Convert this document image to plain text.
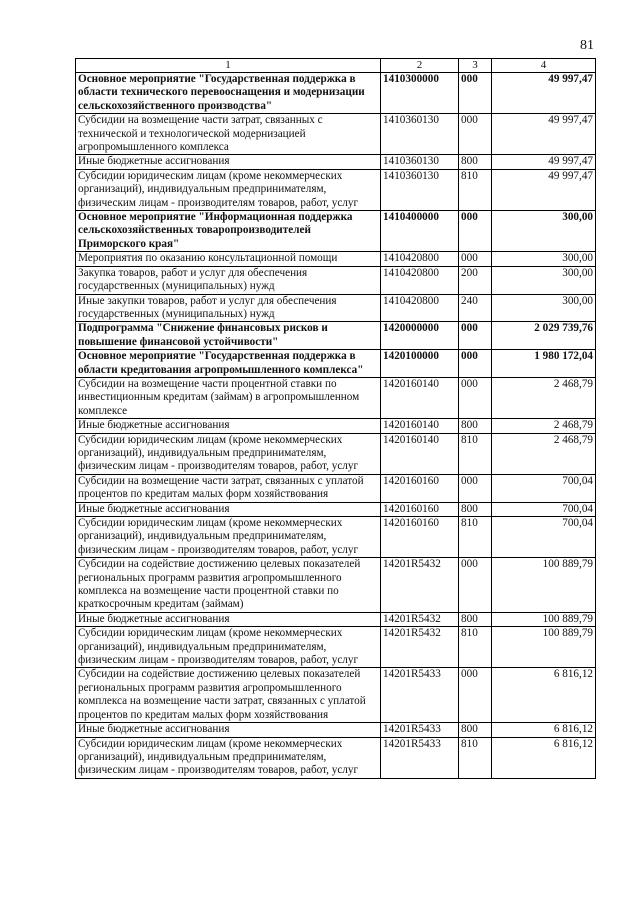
81
1	2	3	4
Основное мероприятие "Государственная поддержка в области технического перевооснащения и модернизации сельскохозяйственного производства"	1410300000	000	49 997,47
Субсидии на возмещение части затрат, связанных с технической и технологической модернизацией агропромышленного комплекса	1410360130	000	49 997,47
Иные бюджетные ассигнования	1410360130	800	49 997,47
Субсидии юридическим лицам (кроме некоммерческих организаций), индивидуальным предпринимателям, физическим лицам - производителям товаров, работ, услуг	1410360130	810	49 997,47
Основное мероприятие "Информационная поддержка сельскохозяйственных товаропроизводителей Приморского края"	1410400000	000	300,00
Мероприятия по оказанию консультационной помощи	1410420800	000	300,00
Закупка товаров, работ и услуг для обеспечения государственных (муниципальных) нужд	1410420800	200	300,00
Иные закупки товаров, работ и услуг для обеспечения государственных (муниципальных) нужд	1410420800	240	300,00
Подпрограмма "Снижение финансовых рисков и повышение финансовой устойчивости"	1420000000	000	2 029 739,76
Основное мероприятие "Государственная поддержка в области кредитования агропромышленного комплекса"	1420100000	000	1 980 172,04
Субсидии на возмещение части процентной ставки по инвестиционным кредитам (займам) в агропромышленном комплексе	1420160140	000	2 468,79
Иные бюджетные ассигнования	1420160140	800	2 468,79
Субсидии юридическим лицам (кроме некоммерческих организаций), индивидуальным предпринимателям, физическим лицам - производителям товаров, работ, услуг	1420160140	810	2 468,79
Субсидии на возмещение части затрат, связанных с уплатой процентов по кредитам малых форм хозяйствования	1420160160	000	700,04
Иные бюджетные ассигнования	1420160160	800	700,04
Субсидии юридическим лицам (кроме некоммерческих организаций), индивидуальным предпринимателям, физическим лицам - производителям товаров, работ, услуг	1420160160	810	700,04
Субсидии на содействие достижению целевых показателей региональных программ развития агропромышленного комплекса на возмещение части процентной ставки по краткосрочным кредитам (займам)	14201R5432	000	100 889,79
Иные бюджетные ассигнования	14201R5432	800	100 889,79
Субсидии юридическим лицам (кроме некоммерческих организаций), индивидуальным предпринимателям, физическим лицам - производителям товаров, работ, услуг	14201R5432	810	100 889,79
Субсидии на содействие достижению целевых показателей региональных программ развития агропромышленного комплекса на возмещение части затрат, связанных с уплатой процентов по кредитам малых форм хозяйствования	14201R5433	000	6 816,12
Иные бюджетные ассигнования	14201R5433	800	6 816,12
Субсидии юридическим лицам (кроме некоммерческих организаций), индивидуальным предпринимателям, физическим лицам - производителям товаров, работ, услуг	14201R5433	810	6 816,12
